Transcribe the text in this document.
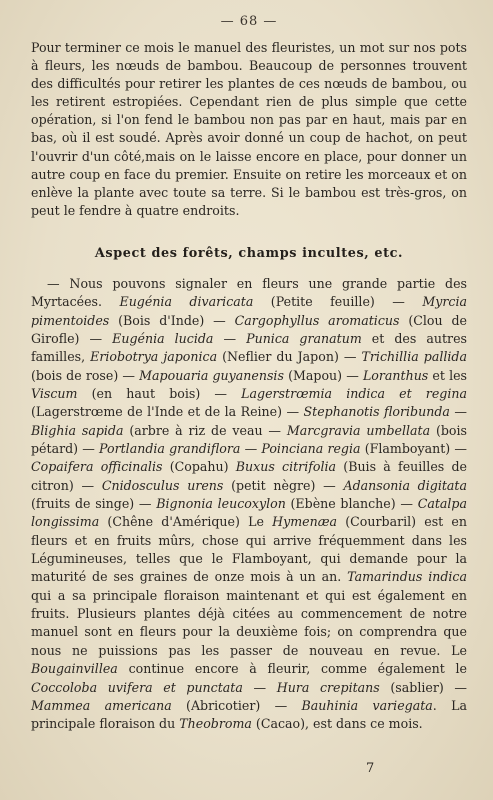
— 68 —

Pour terminer ce mois le manuel des fleuristes, un mot sur nos pots à fleurs, les nœuds de bambou. Beaucoup de personnes trouvent des difficultés pour retirer les plantes de ces nœuds de bambou, ou les retirent estropiées. Cependant rien de plus simple que cette opération, si l'on fend le bambou non pas par en haut, mais par en bas, où il est soudé. Après avoir donné un coup de hachot, on peut l'ouvrir d'un côté,mais on le laisse encore en place, pour donner un autre coup en face du premier. Ensuite on retire les morceaux et on enlève la plante avec toute sa terre. Si le bambou est très-gros, on peut le fendre à quatre endroits.

Aspect des forêts, champs incultes, etc.

— Nous pouvons signaler en fleurs une grande partie des Myrtacées. Eugénia divaricata (Petite feuille) — Myrcia pimentoides (Bois d'Inde) — Cargophyllus aromaticus (Clou de Girofle) — Eugénia lucida — Punica granatum et des autres familles, Eriobotrya japonica (Neflier du Japon) — Trichillia pallida (bois de rose) — Mapouaria guyanensis (Mapou) — Loranthus et les Viscum (en haut bois) — Lagerstrœmia indica et regina (Lagerstrœme de l'Inde et de la Reine) — Stephanotis floribunda — Blighia sapida (arbre à riz de veau — Marcgravia umbellata (bois pétard) — Portlandia grandiflora — Poinciana regia (Flamboyant) — Copaifera officinalis (Copahu) Buxus citrifolia (Buis à feuilles de citron) — Cnidosculus urens (petit nègre) — Adansonia digitata (fruits de singe) — Bignonia leucoxylon (Ebène blanche) — Catalpa longissima (Chêne d'Amérique) Le Hymenæa (Courbaril) est en fleurs et en fruits mûrs, chose qui arrive fréquemment dans les Légumineuses, telles que le Flamboyant, qui demande pour la maturité de ses graines de onze mois à un an. Tamarindus indica qui a sa principale floraison maintenant et qui est également en fruits. Plusieurs plantes déjà citées au commencement de notre manuel sont en fleurs pour la deuxième fois; on comprendra que nous ne puissions pas les passer de nouveau en revue. Le Bougainvillea continue encore à fleurir, comme également le Coccoloba uvifera et punctata — Hura crepitans (sablier) — Mammea americana (Abricotier) — Bauhinia variegata. La principale floraison du Theobroma (Cacao), est dans ce mois.

7
